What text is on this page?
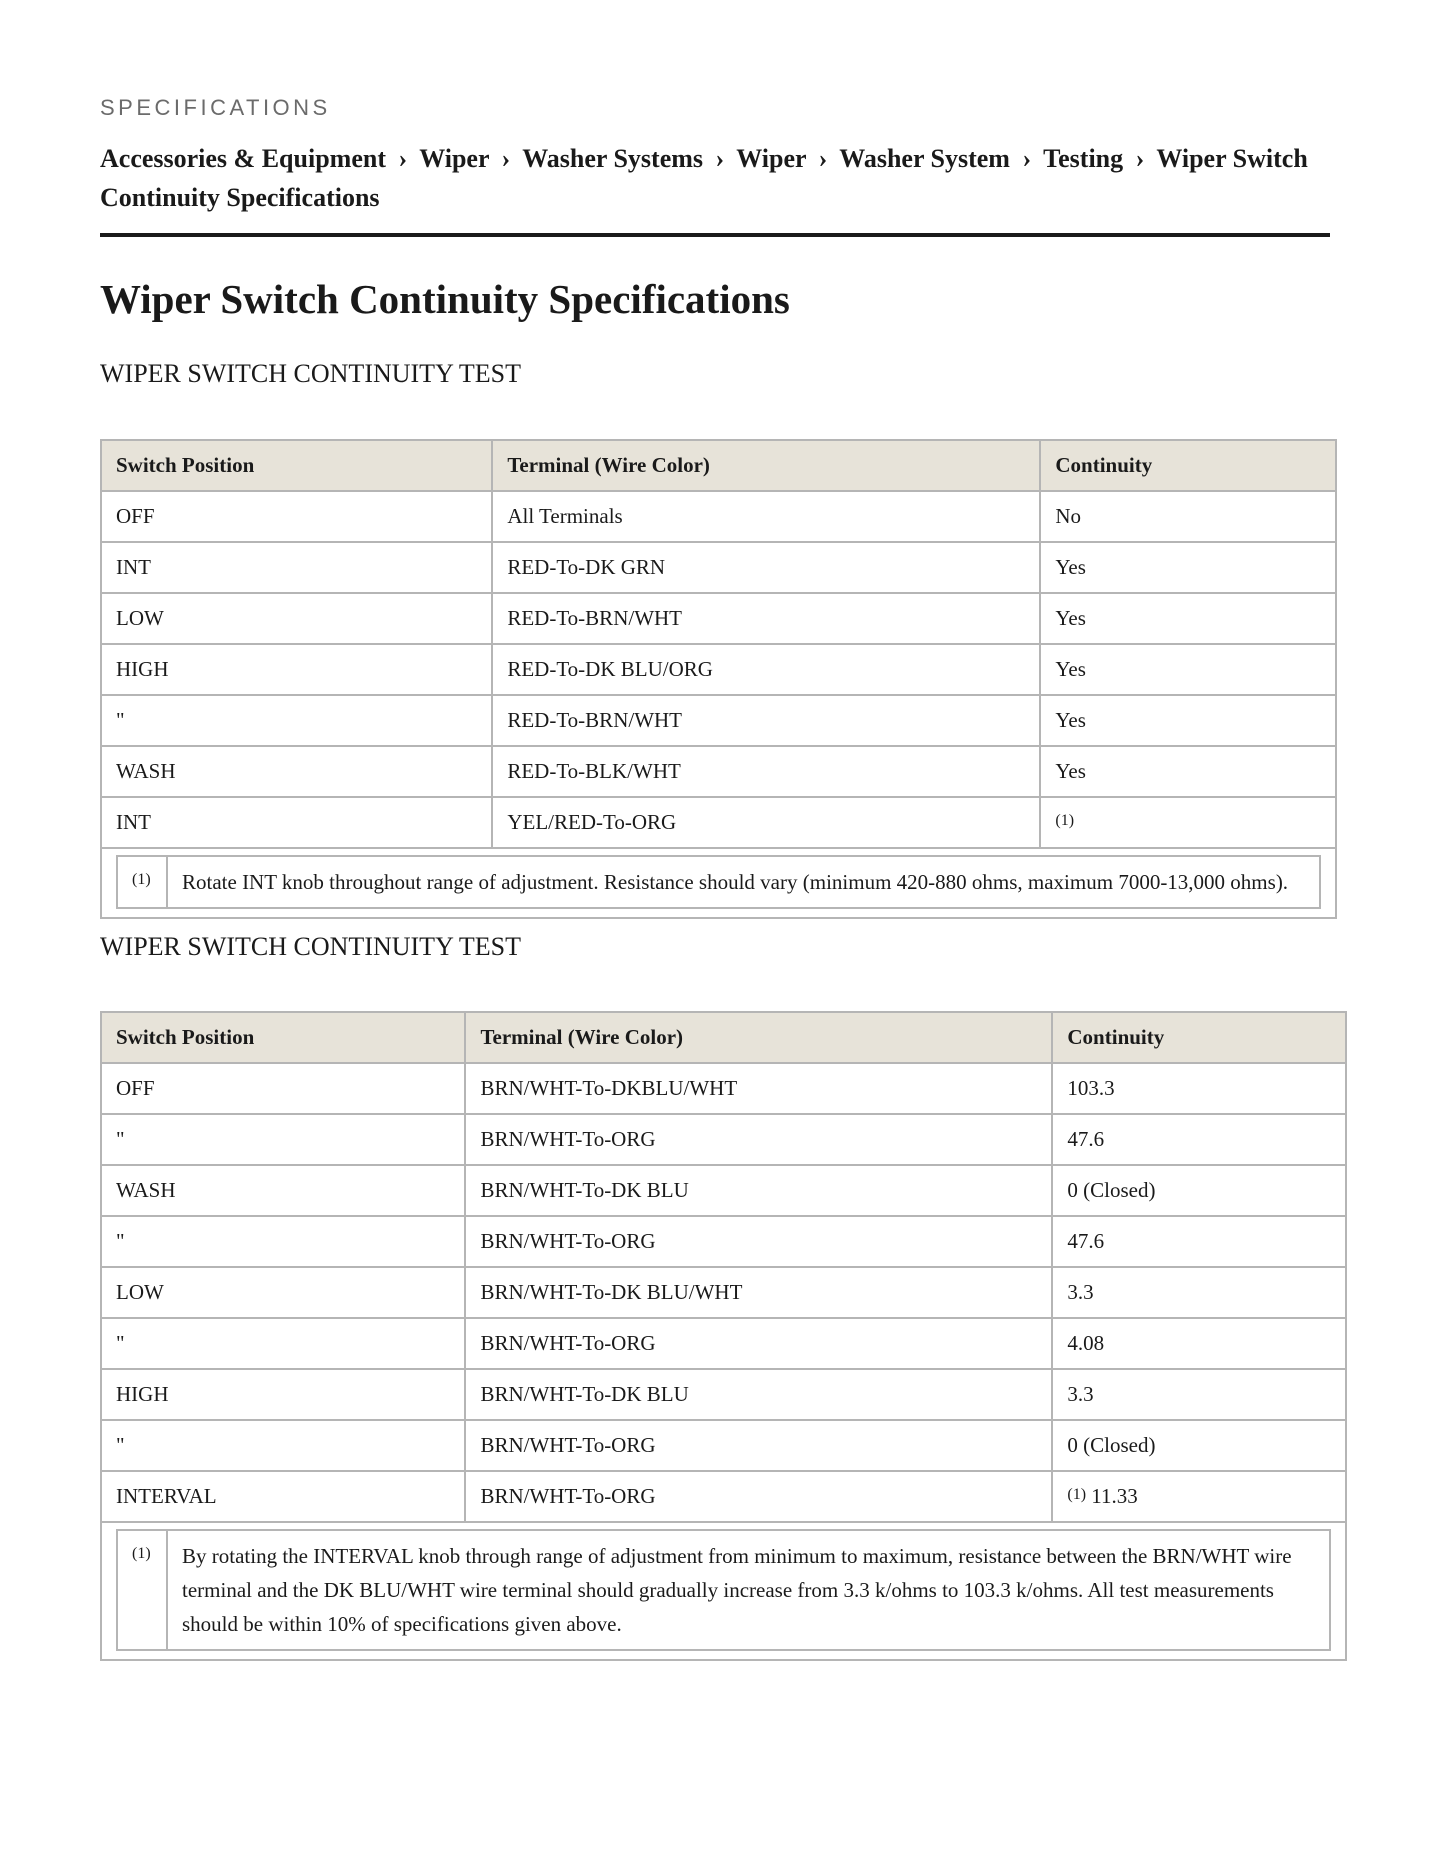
SPECIFICATIONS
Accessories & Equipment › Wiper › Washer Systems › Wiper › Washer System › Testing › Wiper Switch Continuity Specifications
Wiper Switch Continuity Specifications
WIPER SWITCH CONTINUITY TEST
Switch Position	Terminal (Wire Color)	Continuity
OFF	All Terminals	No
INT	RED-To-DK GRN	Yes
LOW	RED-To-BRN/WHT	Yes
HIGH	RED-To-DK BLU/ORG	Yes
"	RED-To-BRN/WHT	Yes
WASH	RED-To-BLK/WHT	Yes
INT	YEL/RED-To-ORG	$^{(1)}$

(1)	Rotate INT knob throughout range of adjustment. Resistance should vary (minimum 420-880 ohms, maximum 7000-13,000 ohms).
WIPER SWITCH CONTINUITY TEST
Switch Position	Terminal (Wire Color)	Continuity
OFF	BRN/WHT-To-DKBLU/WHT	103.3
"	BRN/WHT-To-ORG	47.6
WASH	BRN/WHT-To-DK BLU	0 (Closed)
"	BRN/WHT-To-ORG	47.6
LOW	BRN/WHT-To-DK BLU/WHT	3.3
"	BRN/WHT-To-ORG	4.08
HIGH	BRN/WHT-To-DK BLU	3.3
"	BRN/WHT-To-ORG	0 (Closed)
INTERVAL	BRN/WHT-To-ORG	$^{(1)}$ 11.33

(1)	By rotating the INTERVAL knob through range of adjustment from minimum to maximum, resistance between the BRN/WHT wire terminal and the DK BLU/WHT wire terminal should gradually increase from 3.3 k/ohms to 103.3 k/ohms. All test measurements should be within 10% of specifications given above.
